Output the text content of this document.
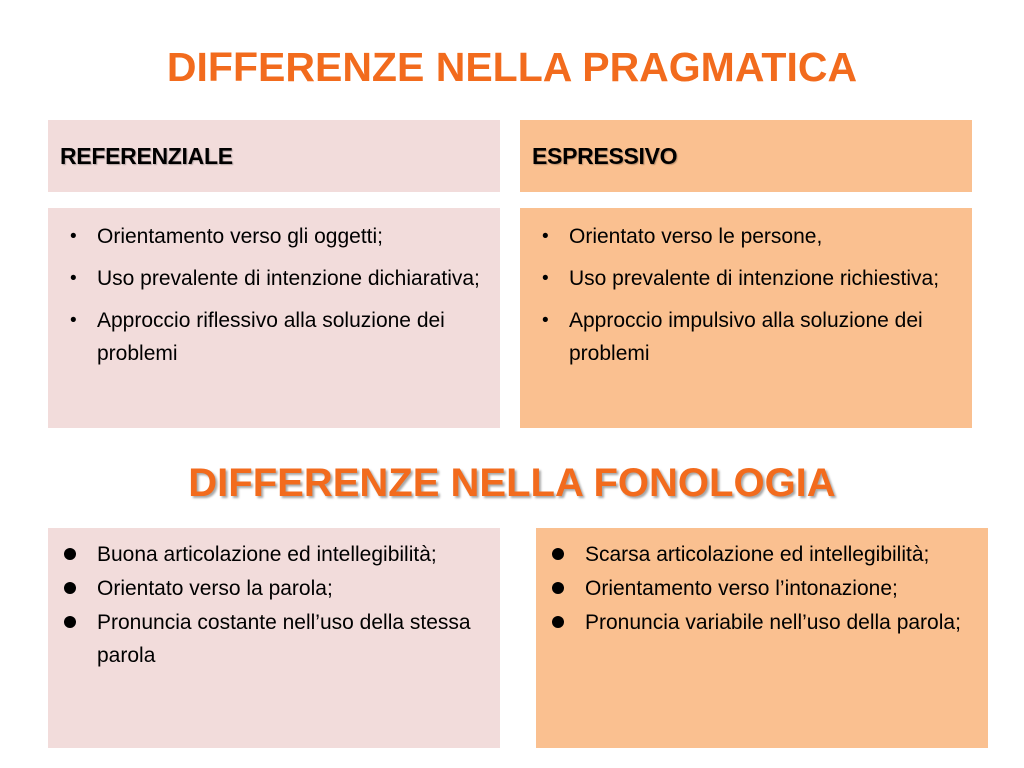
DIFFERENZE NELLA PRAGMATICA
REFERENZIALE	ESPRESSIVO
• Orientamento verso gli oggetti;
• Uso prevalente di intenzione dichiarativa;
• Approccio riflessivo alla soluzione dei problemi
• Orientato verso le persone,
• Uso prevalente di intenzione richiestiva;
• Approccio impulsivo alla soluzione dei problemi
DIFFERENZE NELLA FONOLOGIA
Buona articolazione ed intellegibilità;
Orientato verso la parola;
Pronuncia costante nell’uso della stessa parola
Scarsa articolazione ed intellegibilità;
Orientamento verso l’intonazione;
Pronuncia variabile nell’uso della parola;
